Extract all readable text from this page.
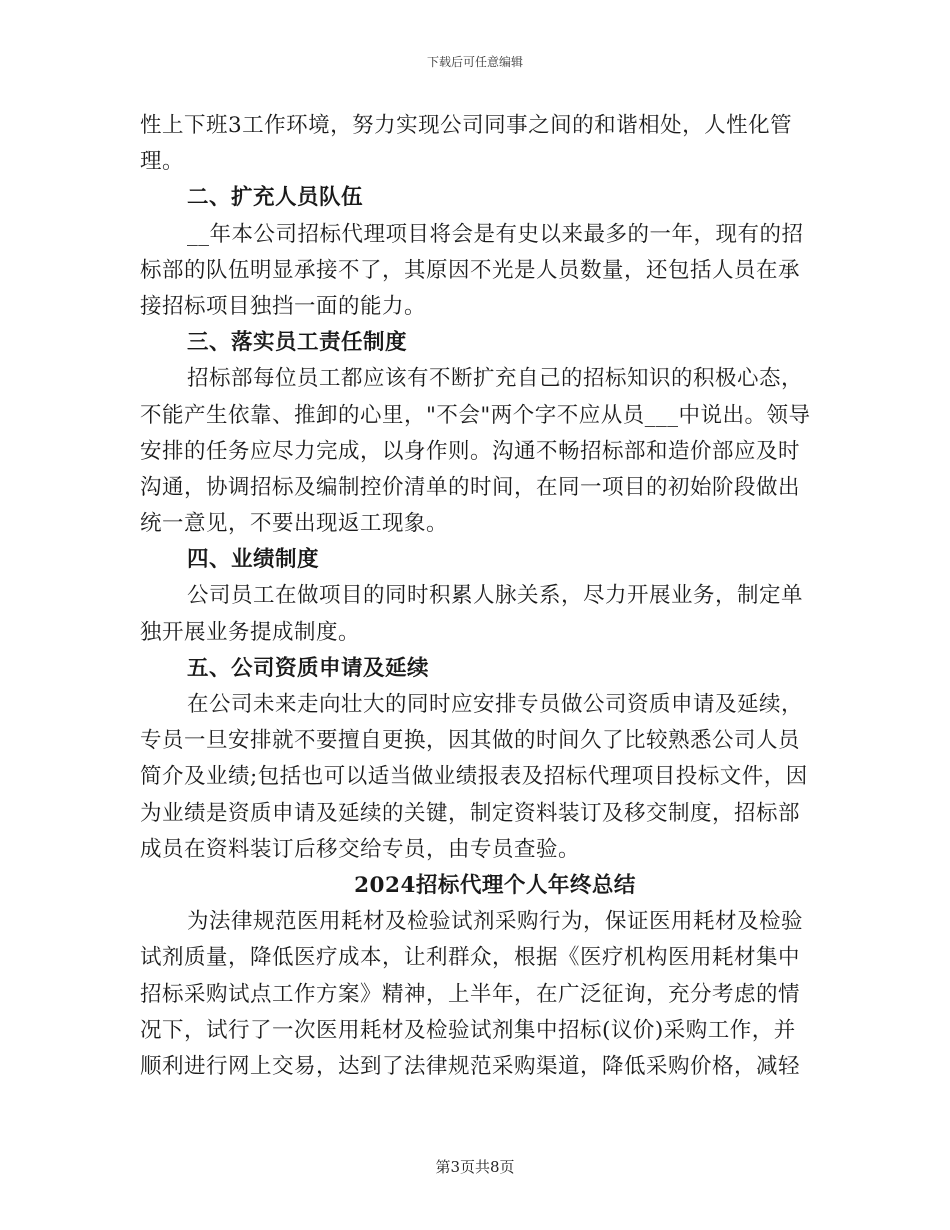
下载后可任意编辑
性上下班3工作环境，努力实现公司同事之间的和谐相处，人性化管
理。
二、扩充人员队伍
__年本公司招标代理项目将会是有史以来最多的一年，现有的招
标部的队伍明显承接不了，其原因不光是人员数量，还包括人员在承
接招标项目独挡一面的能力。
三、落实员工责任制度
招标部每位员工都应该有不断扩充自己的招标知识的积极心态，
不能产生依靠、推卸的心里，"不会"两个字不应从员___中说出。领导
安排的任务应尽力完成，以身作则。沟通不畅招标部和造价部应及时
沟通，协调招标及编制控价清单的时间，在同一项目的初始阶段做出
统一意见，不要出现返工现象。
四、业绩制度
公司员工在做项目的同时积累人脉关系，尽力开展业务，制定单
独开展业务提成制度。
五、公司资质申请及延续
在公司未来走向壮大的同时应安排专员做公司资质申请及延续，
专员一旦安排就不要擅自更换，因其做的时间久了比较熟悉公司人员
简介及业绩;包括也可以适当做业绩报表及招标代理项目投标文件，因
为业绩是资质申请及延续的关键，制定资料装订及移交制度，招标部
成员在资料装订后移交给专员，由专员查验。
2024招标代理个人年终总结
为法律规范医用耗材及检验试剂采购行为，保证医用耗材及检验
试剂质量，降低医疗成本，让利群众，根据《医疗机构医用耗材集中
招标采购试点工作方案》精神，上半年，在广泛征询，充分考虑的情
况下，试行了一次医用耗材及检验试剂集中招标(议价)采购工作，并
顺利进行网上交易，达到了法律规范采购渠道，降低采购价格，减轻
第3页共8页
